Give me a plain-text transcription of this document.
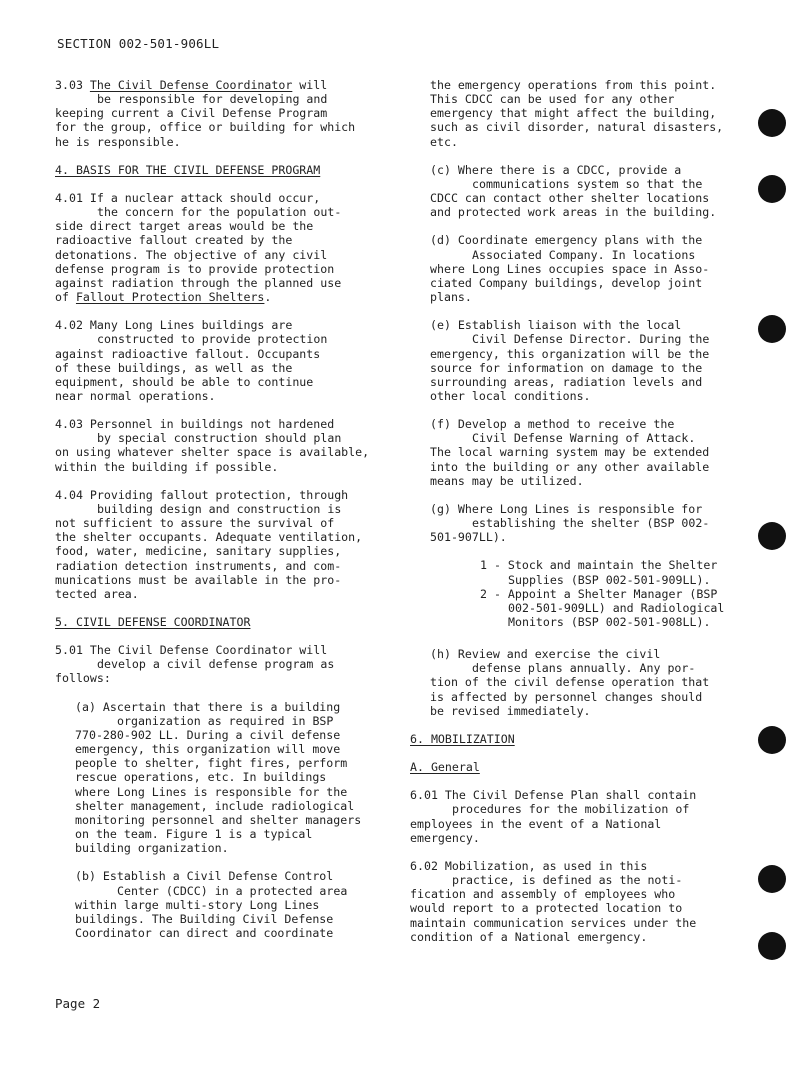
SECTION 002-501-906LL
3.03 The Civil Defense Coordinator will
be responsible for developing and
keeping current a Civil Defense Program
for the group, office or building for which
he is responsible.
4. BASIS FOR THE CIVIL DEFENSE PROGRAM
4.01 If a nuclear attack should occur,
the concern for the population out-
side direct target areas would be the
radioactive fallout created by the
detonations. The objective of any civil
defense program is to provide protection
against radiation through the planned use
of Fallout Protection Shelters.
4.02 Many Long Lines buildings are
constructed to provide protection
against radioactive fallout. Occupants
of these buildings, as well as the
equipment, should be able to continue
near normal operations.
4.03 Personnel in buildings not hardened
by special construction should plan
on using whatever shelter space is available,
within the building if possible.
4.04 Providing fallout protection, through
building design and construction is
not sufficient to assure the survival of
the shelter occupants. Adequate ventilation,
food, water, medicine, sanitary supplies,
radiation detection instruments, and com-
munications must be available in the pro-
tected area.
5. CIVIL DEFENSE COORDINATOR
5.01 The Civil Defense Coordinator will
develop a civil defense program as
follows:
(a) Ascertain that there is a building
organization as required in BSP
770-280-902 LL. During a civil defense
emergency, this organization will move
people to shelter, fight fires, perform
rescue operations, etc. In buildings
where Long Lines is responsible for the
shelter management, include radiological
monitoring personnel and shelter managers
on the team. Figure 1 is a typical
building organization.
(b) Establish a Civil Defense Control
Center (CDCC) in a protected area
within large multi-story Long Lines
buildings. The Building Civil Defense
Coordinator can direct and coordinate
the emergency operations from this point.
This CDCC can be used for any other
emergency that might affect the building,
such as civil disorder, natural disasters,
etc.
(c) Where there is a CDCC, provide a
communications system so that the
CDCC can contact other shelter locations
and protected work areas in the building.
(d) Coordinate emergency plans with the
Associated Company. In locations
where Long Lines occupies space in Asso-
ciated Company buildings, develop joint
plans.
(e) Establish liaison with the local
Civil Defense Director. During the
emergency, this organization will be the
source for information on damage to the
surrounding areas, radiation levels and
other local conditions.
(f) Develop a method to receive the
Civil Defense Warning of Attack.
The local warning system may be extended
into the building or any other available
means may be utilized.
(g) Where Long Lines is responsible for
establishing the shelter (BSP 002-
501-907LL).
1 - Stock and maintain the Shelter
Supplies (BSP 002-501-909LL).
2 - Appoint a Shelter Manager (BSP
002-501-909LL) and Radiological
Monitors (BSP 002-501-908LL).
(h) Review and exercise the civil
defense plans annually. Any por-
tion of the civil defense operation that
is affected by personnel changes should
be revised immediately.
6. MOBILIZATION
A. General
6.01 The Civil Defense Plan shall contain
procedures for the mobilization of
employees in the event of a National
emergency.
6.02 Mobilization, as used in this
practice, is defined as the noti-
fication and assembly of employees who
would report to a protected location to
maintain communication services under the
condition of a National emergency.
Page 2
